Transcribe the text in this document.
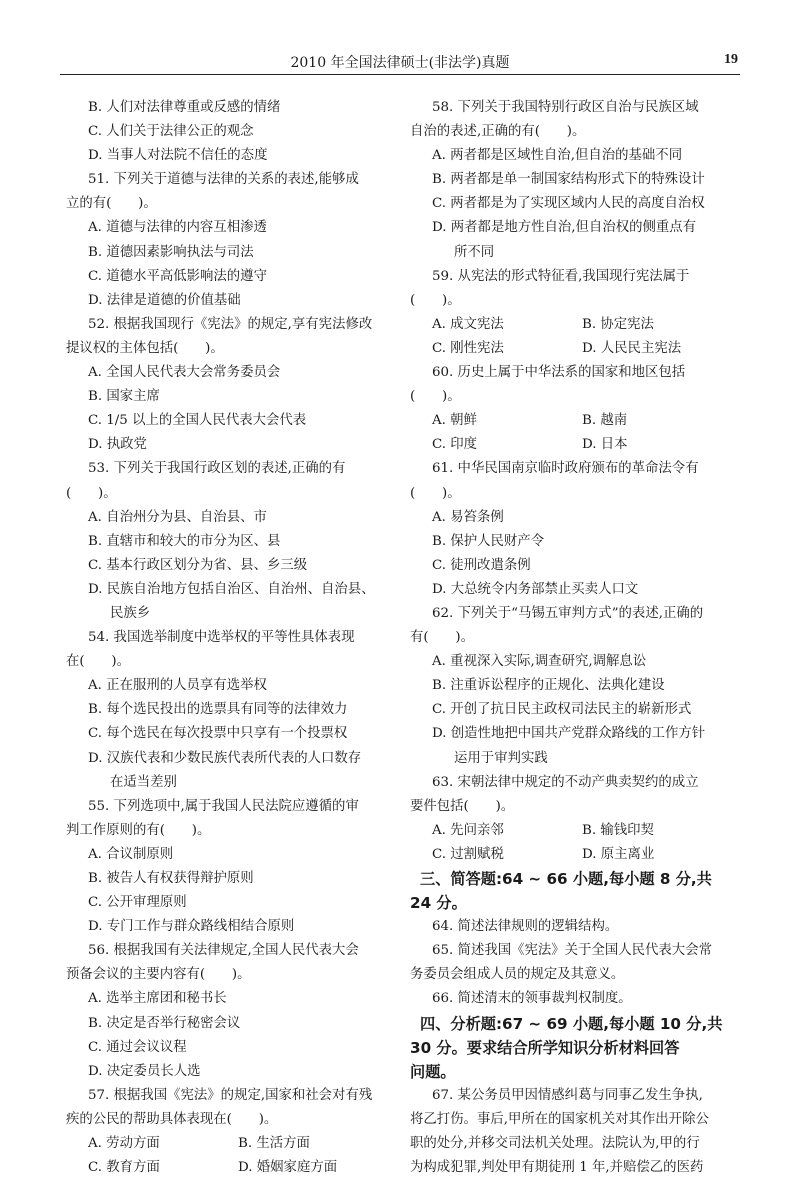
2010 年全国法律硕士(非法学)真题	19
B. 人们对法律尊重或反感的情绪
C. 人们关于法律公正的观念
D. 当事人对法院不信任的态度
51. 下列关于道德与法律的关系的表述,能够成
立的有(　　)。
A. 道德与法律的内容互相渗透
B. 道德因素影响执法与司法
C. 道德水平高低影响法的遵守
D. 法律是道德的价值基础
52. 根据我国现行《宪法》的规定,享有宪法修改
提议权的主体包括(　　)。
A. 全国人民代表大会常务委员会
B. 国家主席
C. 1/5 以上的全国人民代表大会代表
D. 执政党
53. 下列关于我国行政区划的表述,正确的有
(　　)。
A. 自治州分为县、自治县、市
B. 直辖市和较大的市分为区、县
C. 基本行政区划分为省、县、乡三级
D. 民族自治地方包括自治区、自治州、自治县、
民族乡
54. 我国选举制度中选举权的平等性具体表现
在(　　)。
A. 正在服刑的人员享有选举权
B. 每个选民投出的选票具有同等的法律效力
C. 每个选民在每次投票中只享有一个投票权
D. 汉族代表和少数民族代表所代表的人口数存
在适当差别
55. 下列选项中,属于我国人民法院应遵循的审
判工作原则的有(　　)。
A. 合议制原则
B. 被告人有权获得辩护原则
C. 公开审理原则
D. 专门工作与群众路线相结合原则
56. 根据我国有关法律规定,全国人民代表大会
预备会议的主要内容有(　　)。
A. 选举主席团和秘书长
B. 决定是否举行秘密会议
C. 通过会议议程
D. 决定委员长人选
57. 根据我国《宪法》的规定,国家和社会对有残
疾的公民的帮助具体表现在(　　)。
A. 劳动方面	B. 生活方面
C. 教育方面	D. 婚姻家庭方面
58. 下列关于我国特别行政区自治与民族区域
自治的表述,正确的有(　　)。
A. 两者都是区域性自治,但自治的基础不同
B. 两者都是单一制国家结构形式下的特殊设计
C. 两者都是为了实现区域内人民的高度自治权
D. 两者都是地方性自治,但自治权的侧重点有
所不同
59. 从宪法的形式特征看,我国现行宪法属于
(　　)。
A. 成文宪法	B. 协定宪法
C. 刚性宪法	D. 人民民主宪法
60. 历史上属于中华法系的国家和地区包括
(　　)。
A. 朝鲜	B. 越南
C. 印度	D. 日本
61. 中华民国南京临时政府颁布的革命法令有
(　　)。
A. 易笞条例
B. 保护人民财产令
C. 徒刑改遣条例
D. 大总统令内务部禁止买卖人口文
62. 下列关于“马锡五审判方式”的表述,正确的
有(　　)。
A. 重视深入实际,调查研究,调解息讼
B. 注重诉讼程序的正规化、法典化建设
C. 开创了抗日民主政权司法民主的崭新形式
D. 创造性地把中国共产党群众路线的工作方针
运用于审判实践
63. 宋朝法律中规定的不动产典卖契约的成立
要件包括(　　)。
A. 先问亲邻	B. 输钱印契
C. 过割赋税	D. 原主离业
三、简答题:64 ~ 66 小题,每小题 8 分,共
24 分。
64. 简述法律规则的逻辑结构。
65. 简述我国《宪法》关于全国人民代表大会常
务委员会组成人员的规定及其意义。
66. 简述清末的领事裁判权制度。
四、分析题:67 ~ 69 小题,每小题 10 分,共
30 分。要求结合所学知识分析材料回答
问题。
67. 某公务员甲因情感纠葛与同事乙发生争执,
将乙打伤。事后,甲所在的国家机关对其作出开除公
职的处分,并移交司法机关处理。法院认为,甲的行
为构成犯罪,判处甲有期徒刑 1 年,并赔偿乙的医药
